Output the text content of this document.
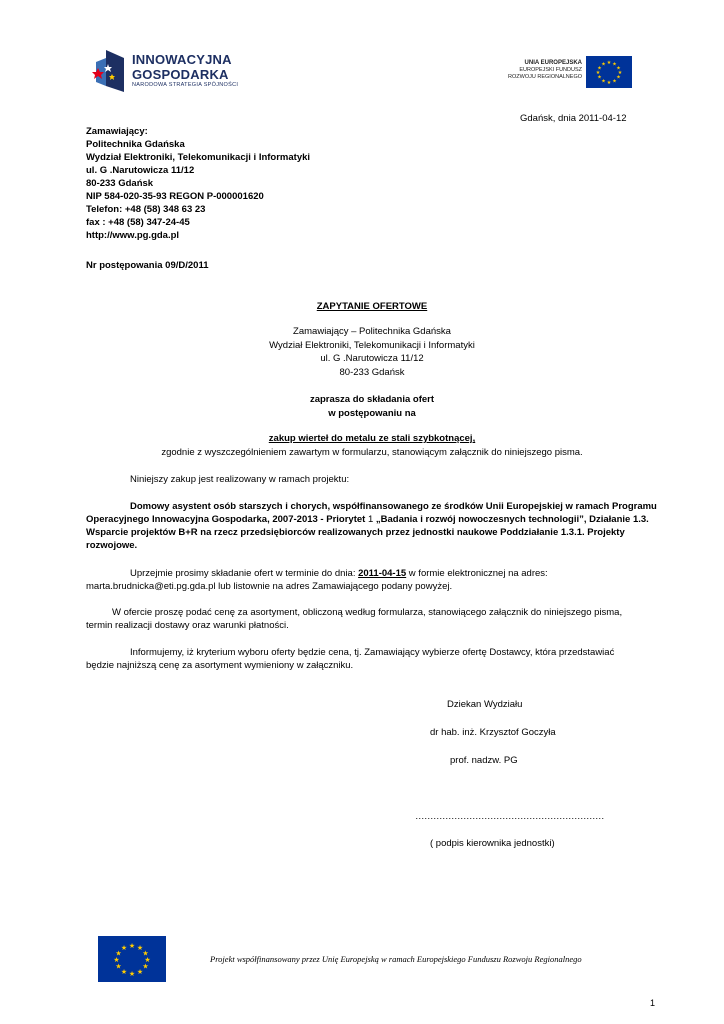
INNOWACYJNA
GOSPODARKA
NARODOWA STRATEGIA SPÓJNOŚCI
UNIA EUROPEJSKA
EUROPEJSKI FUNDUSZ
ROZWOJU REGIONALNEGO
★ ★
★
★
★
★
★
★
★
★
★
★
Gdańsk, dnia 2011-04-12
Zamawiający:
Politechnika Gdańska
Wydział Elektroniki, Telekomunikacji i Informatyki
ul. G .Narutowicza 11/12
80-233 Gdańsk
NIP 584-020-35-93 REGON P-000001620
Telefon: +48 (58) 348 63 23
fax : +48 (58) 347-24-45
http://www.pg.gda.pl
Nr postępowania 09/D/2011
ZAPYTANIE OFERTOWE
Zamawiający – Politechnika Gdańska
Wydział Elektroniki, Telekomunikacji i Informatyki
ul. G .Narutowicza 11/12
80-233 Gdańsk
zaprasza do składania ofert
w postępowaniu na
zakup wierteł do metalu ze stali szybkotnącej,
zgodnie z wyszczególnieniem zawartym w formularzu, stanowiącym załącznik do niniejszego pisma.
Niniejszy zakup jest realizowany w ramach projektu:
Domowy asystent osób starszych i chorych, współfinansowanego ze środków Unii Europejskiej w ramach Programu
Operacyjnego Innowacyjna Gospodarka, 2007-2013 - Priorytet 1 „Badania i rozwój nowoczesnych technologii”, Działanie 1.3.
Wsparcie projektów B+R na rzecz przedsiębiorców realizowanych przez jednostki naukowe Poddziałanie 1.3.1. Projekty
rozwojowe.
Uprzejmie prosimy składanie ofert w terminie do dnia: 2011-04-15 w formie elektronicznej na adres:
marta.brudnicka@eti.pg.gda.pl lub listownie na adres Zamawiającego podany powyżej.
W ofercie proszę podać cenę za asortyment, obliczoną według formularza, stanowiącego załącznik do niniejszego pisma,
termin realizacji dostawy oraz warunki płatności.
Informujemy, iż kryterium wyboru oferty będzie cena, tj. Zamawiający wybierze ofertę Dostawcy, która przedstawiać
będzie najniższą cenę za asortyment wymieniony w załączniku.
Dziekan Wydziału
dr hab. inż. Krzysztof Goczyła
prof. nadzw. PG
………………………………………………………
( podpis kierownika jednostki)
★ ★
★
★
★
★
★
★
★
★
★
★
Projekt współfinansowany przez Unię Europejską w ramach Europejskiego Funduszu Rozwoju Regionalnego
1
